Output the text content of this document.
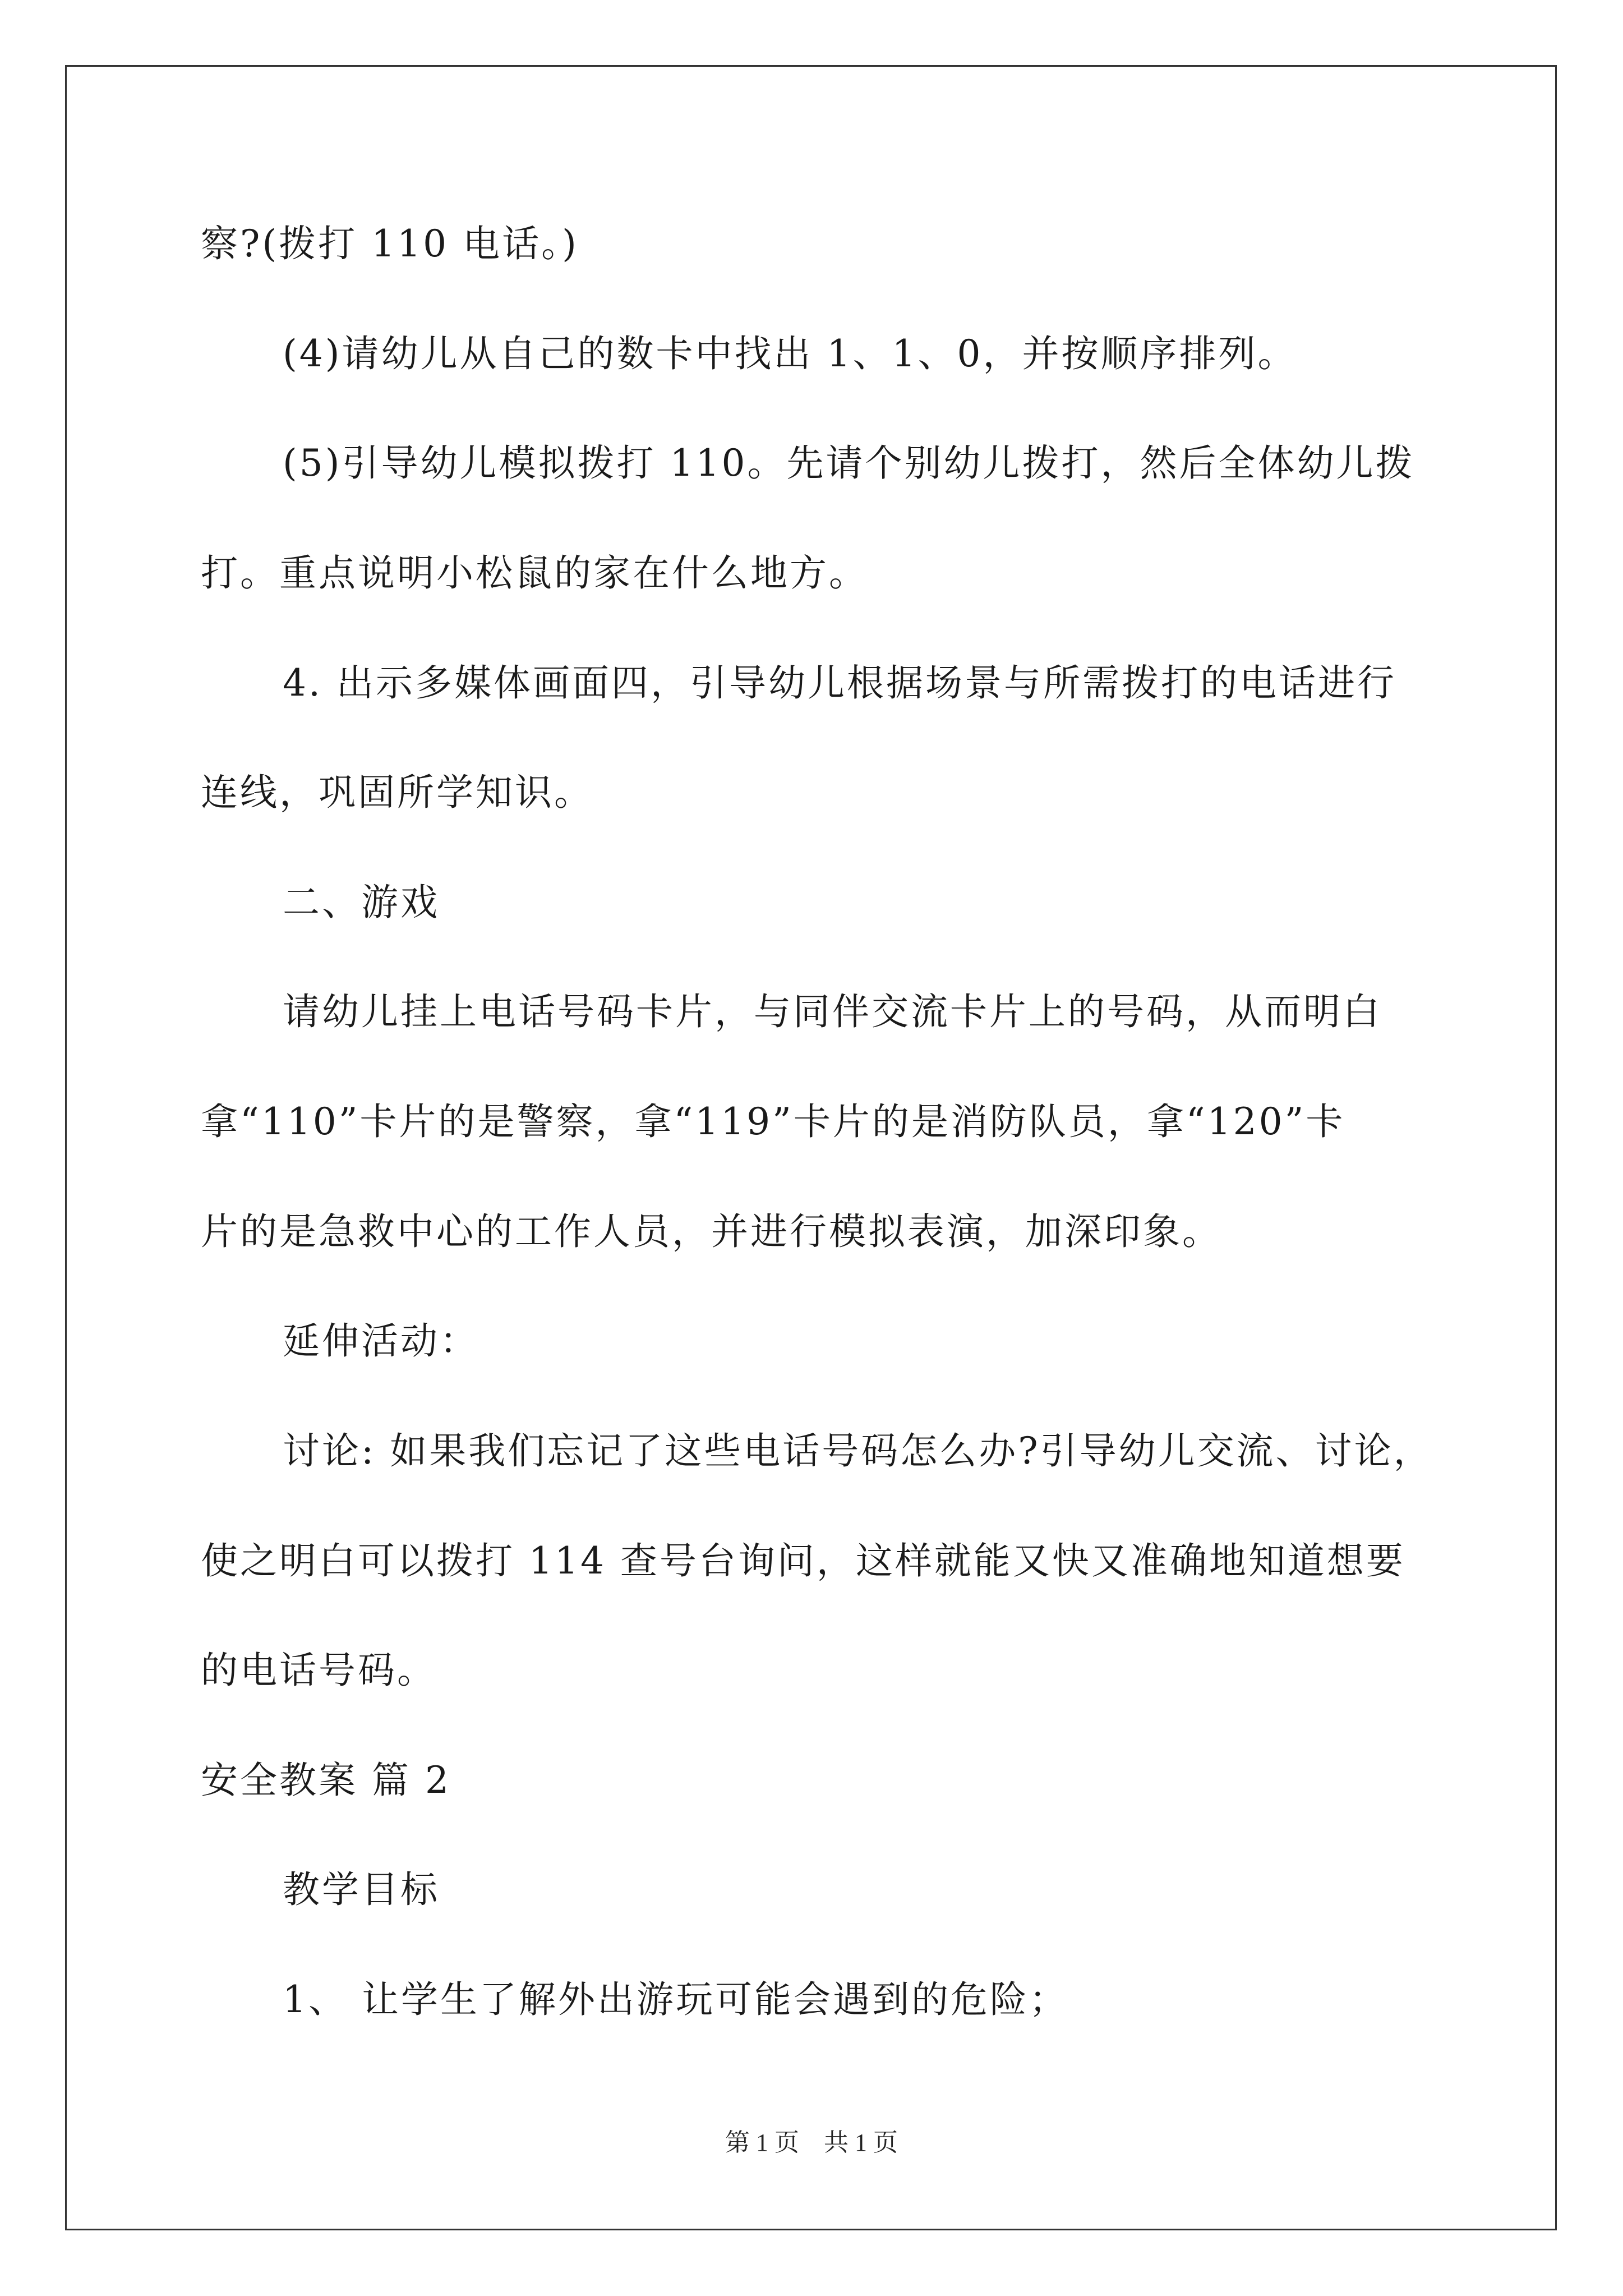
察?(拨打 110 电话。)
(4)请幼儿从自己的数卡中找出 1、1、0，并按顺序排列。
(5)引导幼儿模拟拨打 110。先请个别幼儿拨打，然后全体幼儿拨
打。重点说明小松鼠的家在什么地方。
4. 出示多媒体画面四，引导幼儿根据场景与所需拨打的电话进行
连线，巩固所学知识。
二、游戏
请幼儿挂上电话号码卡片，与同伴交流卡片上的号码，从而明白
拿“110”卡片的是警察，拿“119”卡片的是消防队员，拿“120”卡
片的是急救中心的工作人员，并进行模拟表演，加深印象。
延伸活动：
讨论: 如果我们忘记了这些电话号码怎么办?引导幼儿交流、讨论，
使之明白可以拨打 114 查号台询问，这样就能又快又准确地知道想要
的电话号码。
安全教案 篇 2
教学目标
1、 让学生了解外出游玩可能会遇到的危险；
第 1 页　共 1 页
